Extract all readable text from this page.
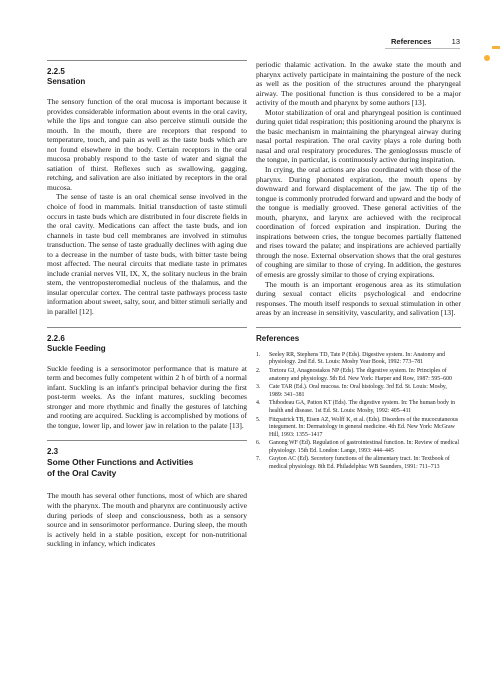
References	13
2.2.5
Sensation

The sensory function of the oral mucosa is important because it provides considerable information about events in the oral cavity, while the lips and tongue can also perceive stimuli outside the mouth. In the mouth, there are receptors that respond to temperature, touch, and pain as well as the taste buds which are not found elsewhere in the body. Certain receptors in the oral mucosa probably respond to the taste of water and signal the satiation of thirst. Reflexes such as swallowing, gagging, retching, and salivation are also initiated by receptors in the oral mucosa.

The sense of taste is an oral chemical sense involved in the choice of food in mammals. Initial transduction of taste stimuli occurs in taste buds which are distributed in four discrete fields in the oral cavity. Medications can affect the taste buds, and ion channels in taste bud cell membranes are involved in stimulus transduction. The sense of taste gradually declines with aging due to a decrease in the number of taste buds, with bitter taste being most affected. The neural circuits that mediate taste in primates include cranial nerves VII, IX, X, the solitary nucleus in the brain stem, the ventroposteromedial nucleus of the thalamus, and the insular opercular cortex. The central taste pathways process taste information about sweet, salty, sour, and bitter stimuli serially and in parallel [12].

2.2.6
Suckle Feeding

Suckle feeding is a sensorimotor performance that is mature at term and becomes fully competent within 2 h of birth of a normal infant. Suckling is an infant's principal behavior during the first post-term weeks. As the infant matures, suckling becomes stronger and more rhythmic and finally the gestures of latching and rooting are acquired. Suckling is accomplished by motions of the tongue, lower lip, and lower jaw in relation to the palate [13].

2.3
Some Other Functions and Activities
of the Oral Cavity

The mouth has several other functions, most of which are shared with the pharynx. The mouth and pharynx are continuously active during periods of sleep and consciousness, both as a sensory source and in sensorimotor performance. During sleep, the mouth is actively held in a stable position, except for non-nutritional suckling in infancy, which indicates

periodic thalamic activation. In the awake state the mouth and pharynx actively participate in maintaining the posture of the neck as well as the position of the structures around the pharyngeal airway. The positional function is thus considered to be a major activity of the mouth and pharynx by some authors [13].

Motor stabilization of oral and pharyngeal position is continued during quiet tidal respiration; this positioning around the pharynx is the basic mechanism in maintaining the pharyngeal airway during nasal portal respiration. The oral cavity plays a role during both nasal and oral respiratory procedures. The genioglossus muscle of the tongue, in particular, is continuously active during inspiration.

In crying, the oral actions are also coordinated with those of the pharynx. During phonated expiration, the mouth opens by downward and forward displacement of the jaw. The tip of the tongue is commonly protruded forward and upward and the body of the tongue is medially grooved. These general activities of the mouth, pharynx, and larynx are achieved with the reciprocal coordination of forced expiration and inspiration. During the inspirations between cries, the tongue becomes partially flattened and rises toward the palate; and inspirations are achieved partially through the nose. External observation shows that the oral gestures of coughing are similar to those of crying. In addition, the gestures of emesis are grossly similar to those of crying expirations.

The mouth is an important erogenous area as its stimulation during sexual contact elicits psychological and endocrine responses. The mouth itself responds to sexual stimulation in other areas by an increase in sensitivity, vascularity, and salivation [13].

References
1. Seeley RR, Stephens TD, Tate P (Eds). Digestive system. In: Anatomy and physiology. 2nd Ed. St. Louis: Mosby Year Book, 1992: 773–781
2. Tortora GJ, Anagnostakos NP (Eds). The digestive system. In: Principles of anatomy and physiology. 5th Ed. New York: Harper and Row, 1987: 595–600
3. Cate TAR (Ed.). Oral mucosa. In: Oral histology. 3rd Ed. St. Louis: Mosby, 1989: 341–381
4. Thibodeau GA, Patton KT (Eds). The digestive system. In: The human body in health and disease. 1st Ed. St. Louis: Mosby, 1992: 405–411
5. Fitzpatrick TB, Eisen AZ, Wolff K, et al. (Eds). Disorders of the mucocutaneous integument. In: Dermatology in general medicine. 4th Ed. New York: McGraw Hill, 1993: 1355–1417
6. Ganong WF (Ed). Regulation of gastrointestinal function. In: Review of medical physiology. 15th Ed. London: Lange, 1993: 444–445
7. Guyton AC (Ed). Secretory functions of the alimentary tract. In: Textbook of medical physiology. 8th Ed. Philadelphia: WB Saunders, 1991: 711–713
